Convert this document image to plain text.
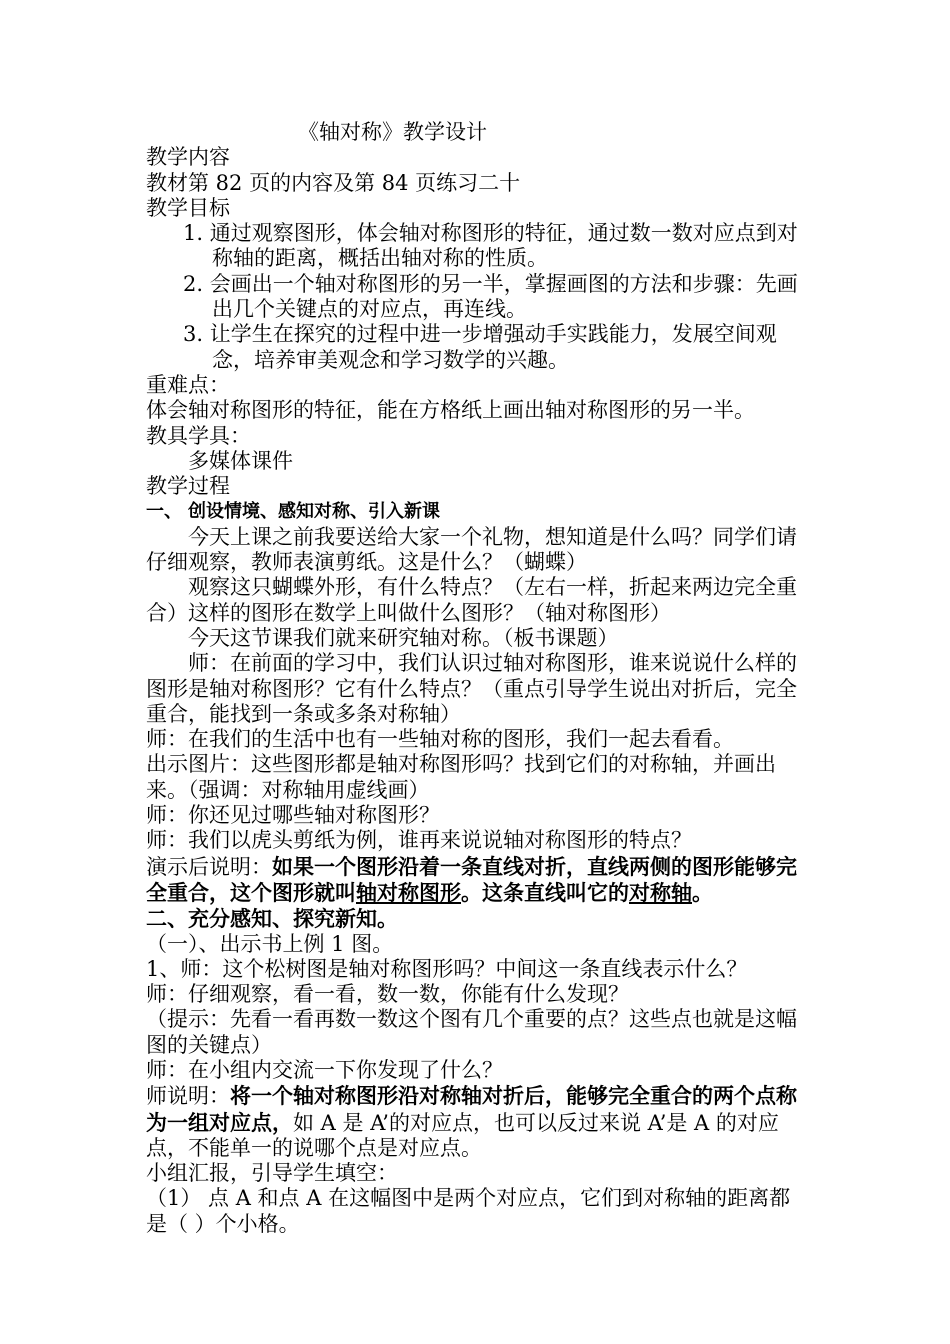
《轴对称》教学设计
教学内容
教材第 82 页的内容及第 84 页练习二十
教学目标
1. 通过观察图形，体会轴对称图形的特征，通过数一数对应点到对称轴的距离，概括出轴对称的性质。
2. 会画出一个轴对称图形的另一半，掌握画图的方法和步骤：先画出几个关键点的对应点，再连线。
3. 让学生在探究的过程中进一步增强动手实践能力，发展空间观念，培养审美观念和学习数学的兴趣。
重难点：
体会轴对称图形的特征，能在方格纸上画出轴对称图形的另一半。
教具学具：
多媒体课件
教学过程
一、 创设情境、感知对称、引入新课
今天上课之前我要送给大家一个礼物，想知道是什么吗？同学们请仔细观察，教师表演剪纸。这是什么？（蝴蝶）
观察这只蝴蝶外形，有什么特点？（左右一样，折起来两边完全重合）这样的图形在数学上叫做什么图形？（轴对称图形）
今天这节课我们就来研究轴对称。（板书课题）
师：在前面的学习中，我们认识过轴对称图形，谁来说说什么样的图形是轴对称图形？它有什么特点？（重点引导学生说出对折后，完全重合，能找到一条或多条对称轴）
师：在我们的生活中也有一些轴对称的图形，我们一起去看看。
出示图片：这些图形都是轴对称图形吗？找到它们的对称轴，并画出来。（强调：对称轴用虚线画）
师：你还见过哪些轴对称图形？
师：我们以虎头剪纸为例，谁再来说说轴对称图形的特点？
演示后说明：如果一个图形沿着一条直线对折，直线两侧的图形能够完全重合，这个图形就叫轴对称图形。这条直线叫它的对称轴。
二、充分感知、探究新知。
（一）、出示书上例 1 图。
1、师：这个松树图是轴对称图形吗？中间这一条直线表示什么？
师：仔细观察，看一看，数一数，你能有什么发现？
（提示：先看一看再数一数这个图有几个重要的点？这些点也就是这幅图的关键点）
师：在小组内交流一下你发现了什么？
师说明：将一个轴对称图形沿对称轴对折后，能够完全重合的两个点称为一组对应点，如 A 是 A’的对应点，也可以反过来说 A’是 A 的对应点，不能单一的说哪个点是对应点。
小组汇报，引导学生填空：
（1） 点 A 和点 A 在这幅图中是两个对应点，它们到对称轴的距离都是（ ）个小格。
